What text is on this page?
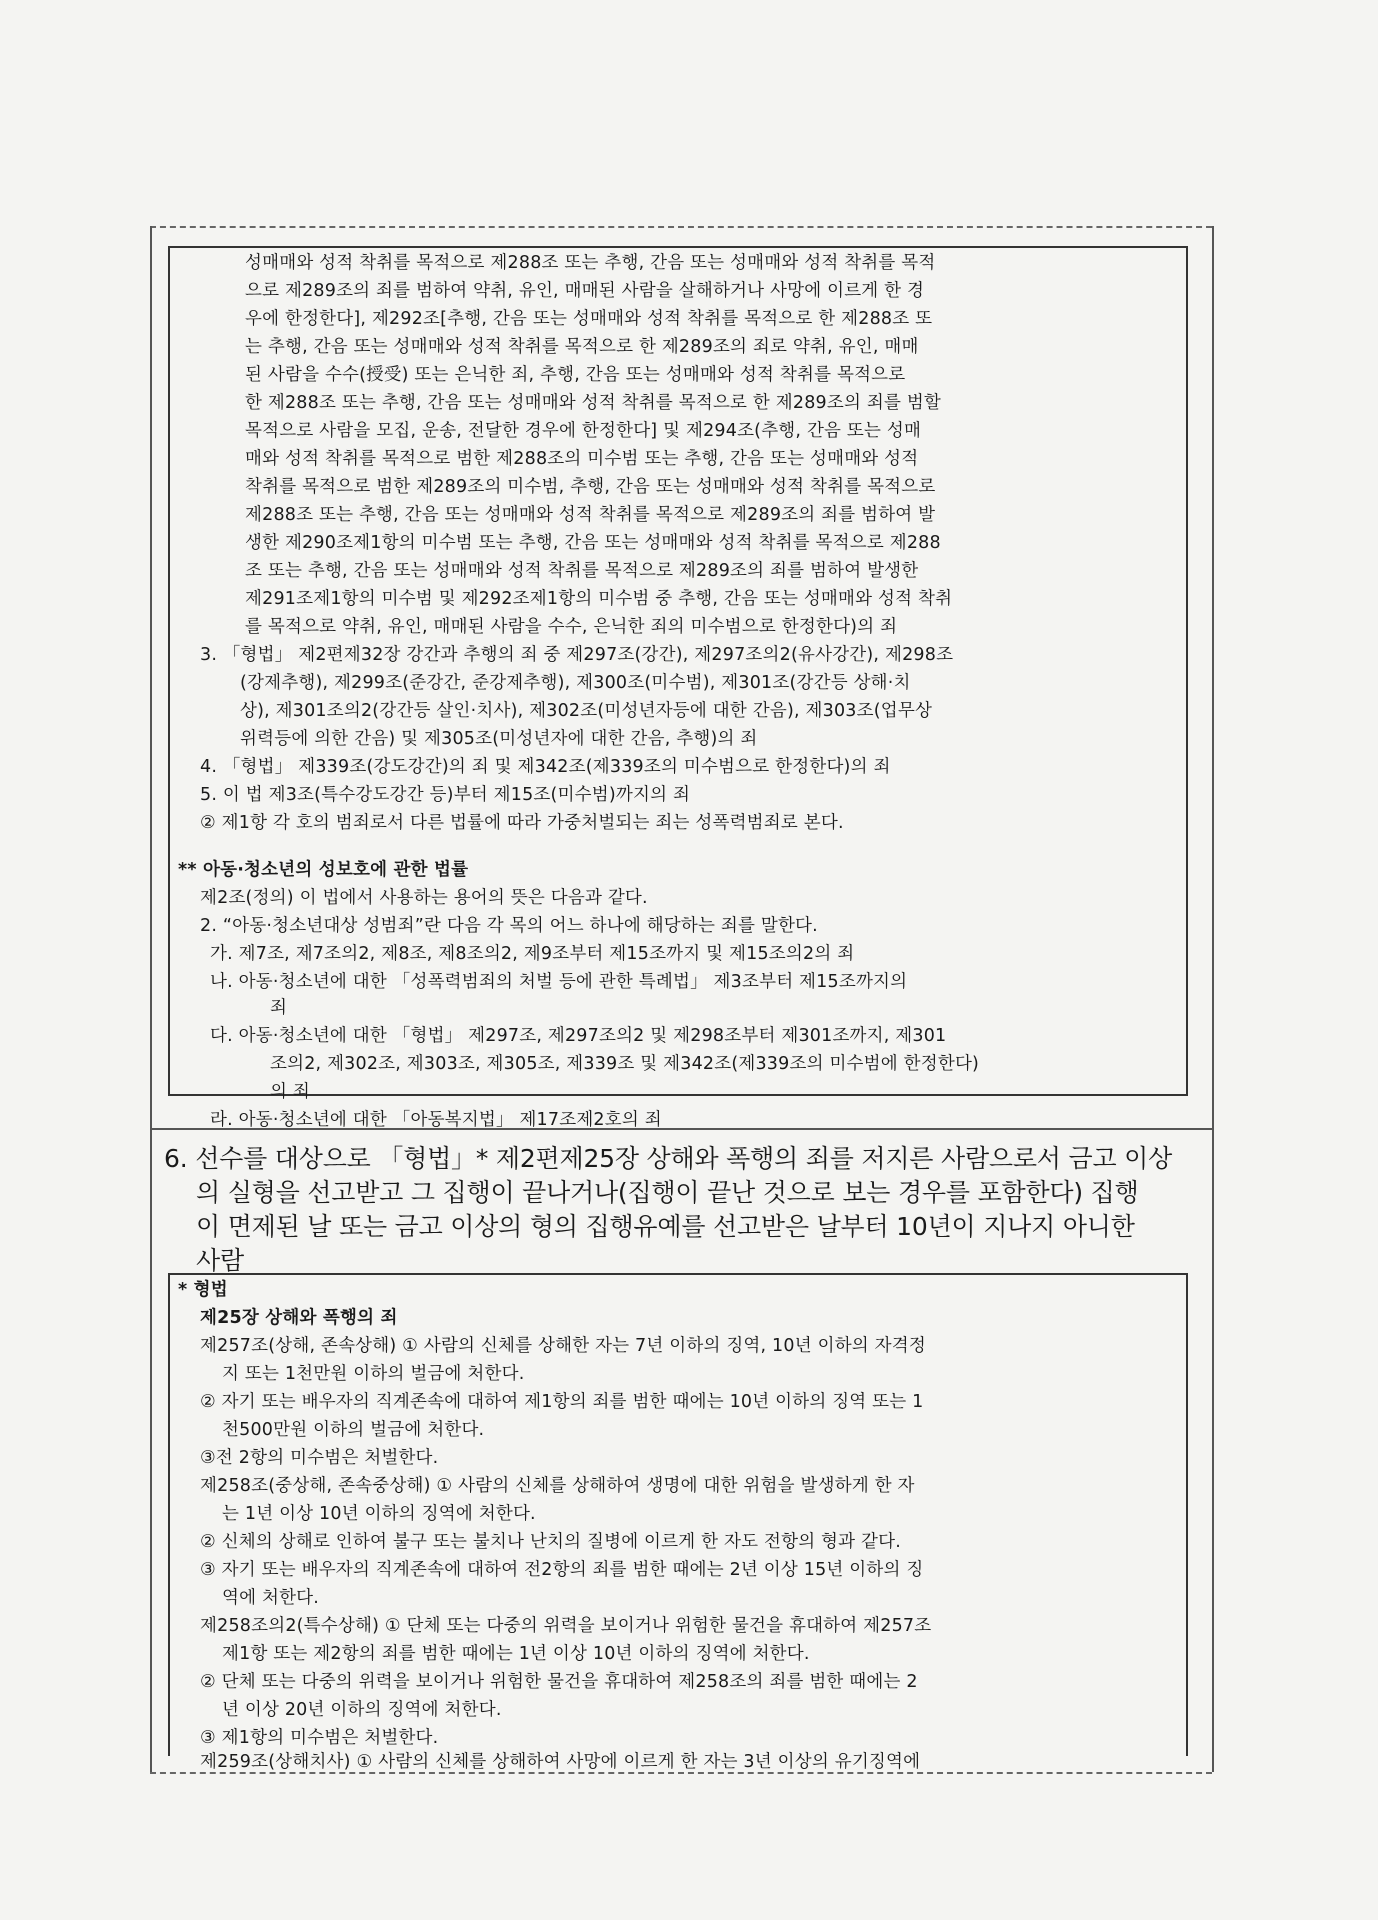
성매매와 성적 착취를 목적으로 제288조 또는 추행, 간음 또는 성매매와 성적 착취를 목적
으로 제289조의 죄를 범하여 약취, 유인, 매매된 사람을 살해하거나 사망에 이르게 한 경
우에 한정한다], 제292조[추행, 간음 또는 성매매와 성적 착취를 목적으로 한 제288조 또
는 추행, 간음 또는 성매매와 성적 착취를 목적으로 한 제289조의 죄로 약취, 유인, 매매
된 사람을 수수(授受) 또는 은닉한 죄, 추행, 간음 또는 성매매와 성적 착취를 목적으로
한 제288조 또는 추행, 간음 또는 성매매와 성적 착취를 목적으로 한 제289조의 죄를 범할
목적으로 사람을 모집, 운송, 전달한 경우에 한정한다] 및 제294조(추행, 간음 또는 성매
매와 성적 착취를 목적으로 범한 제288조의 미수범 또는 추행, 간음 또는 성매매와 성적
착취를 목적으로 범한 제289조의 미수범, 추행, 간음 또는 성매매와 성적 착취를 목적으로
제288조 또는 추행, 간음 또는 성매매와 성적 착취를 목적으로 제289조의 죄를 범하여 발
생한 제290조제1항의 미수범 또는 추행, 간음 또는 성매매와 성적 착취를 목적으로 제288
조 또는 추행, 간음 또는 성매매와 성적 착취를 목적으로 제289조의 죄를 범하여 발생한
제291조제1항의 미수범 및 제292조제1항의 미수범 중 추행, 간음 또는 성매매와 성적 착취
를 목적으로 약취, 유인, 매매된 사람을 수수, 은닉한 죄의 미수범으로 한정한다)의 죄
3. 「형법」 제2편제32장 강간과 추행의 죄 중 제297조(강간), 제297조의2(유사강간), 제298조
(강제추행), 제299조(준강간, 준강제추행), 제300조(미수범), 제301조(강간등 상해·치
상), 제301조의2(강간등 살인·치사), 제302조(미성년자등에 대한 간음), 제303조(업무상
위력등에 의한 간음) 및 제305조(미성년자에 대한 간음, 추행)의 죄
4. 「형법」 제339조(강도강간)의 죄 및 제342조(제339조의 미수범으로 한정한다)의 죄
5. 이 법 제3조(특수강도강간 등)부터 제15조(미수범)까지의 죄
② 제1항 각 호의 범죄로서 다른 법률에 따라 가중처벌되는 죄는 성폭력범죄로 본다.
** 아동·청소년의 성보호에 관한 법률
제2조(정의) 이 법에서 사용하는 용어의 뜻은 다음과 같다.
2. “아동·청소년대상 성범죄”란 다음 각 목의 어느 하나에 해당하는 죄를 말한다.
가. 제7조, 제7조의2, 제8조, 제8조의2, 제9조부터 제15조까지 및 제15조의2의 죄
나. 아동·청소년에 대한 「성폭력범죄의 처벌 등에 관한 특례법」 제3조부터 제15조까지의
죄
다. 아동·청소년에 대한 「형법」 제297조, 제297조의2 및 제298조부터 제301조까지, 제301
조의2, 제302조, 제303조, 제305조, 제339조 및 제342조(제339조의 미수범에 한정한다)
의 죄
라. 아동·청소년에 대한 「아동복지법」 제17조제2호의 죄
6. 선수를 대상으로 「형법」* 제2편제25장 상해와 폭행의 죄를 저지른 사람으로서 금고 이상
의 실형을 선고받고 그 집행이 끝나거나(집행이 끝난 것으로 보는 경우를 포함한다) 집행
이 면제된 날 또는 금고 이상의 형의 집행유예를 선고받은 날부터 10년이 지나지 아니한
사람
* 형법
제25장 상해와 폭행의 죄
제257조(상해, 존속상해) ① 사람의 신체를 상해한 자는 7년 이하의 징역, 10년 이하의 자격정
지 또는 1천만원 이하의 벌금에 처한다.
② 자기 또는 배우자의 직계존속에 대하여 제1항의 죄를 범한 때에는 10년 이하의 징역 또는 1
천500만원 이하의 벌금에 처한다.
③전 2항의 미수범은 처벌한다.
제258조(중상해, 존속중상해) ① 사람의 신체를 상해하여 생명에 대한 위험을 발생하게 한 자
는 1년 이상 10년 이하의 징역에 처한다.
② 신체의 상해로 인하여 불구 또는 불치나 난치의 질병에 이르게 한 자도 전항의 형과 같다.
③ 자기 또는 배우자의 직계존속에 대하여 전2항의 죄를 범한 때에는 2년 이상 15년 이하의 징
역에 처한다.
제258조의2(특수상해) ① 단체 또는 다중의 위력을 보이거나 위험한 물건을 휴대하여 제257조
제1항 또는 제2항의 죄를 범한 때에는 1년 이상 10년 이하의 징역에 처한다.
② 단체 또는 다중의 위력을 보이거나 위험한 물건을 휴대하여 제258조의 죄를 범한 때에는 2
년 이상 20년 이하의 징역에 처한다.
③ 제1항의 미수범은 처벌한다.
제259조(상해치사) ① 사람의 신체를 상해하여 사망에 이르게 한 자는 3년 이상의 유기징역에
